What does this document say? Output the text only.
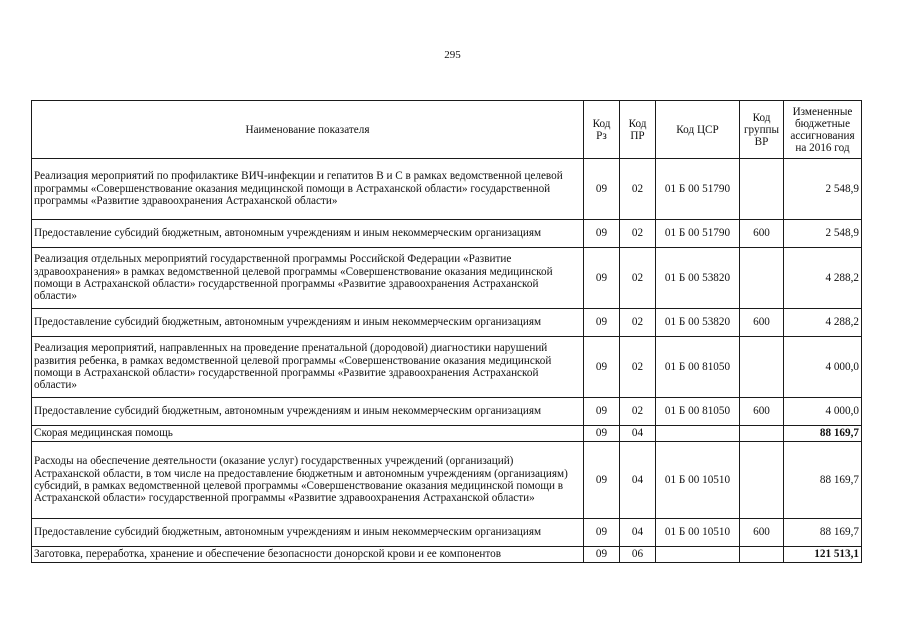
295
Наименование показателя	Код Рз	Код ПР	Код ЦСР	Код группы ВР	Измененные бюджетные ассигнования на 2016 год
Реализация мероприятий по профилактике ВИЧ-инфекции и гепатитов В и С в рамках ведомственной целевой программы «Совершенствование оказания медицинской помощи в Астраханской области» государственной программы «Развитие здравоохранения Астраханской области»	09	02	01 Б 00 51790		2 548,9
Предоставление субсидий бюджетным, автономным учреждениям и иным некоммерческим организациям	09	02	01 Б 00 51790	600	2 548,9
Реализация отдельных мероприятий государственной программы Российской Федерации «Развитие здравоохранения» в рамках ведомственной целевой программы «Совершенствование оказания медицинской помощи в Астраханской области» государственной программы «Развитие здравоохранения Астраханской области»	09	02	01 Б 00 53820		4 288,2
Предоставление субсидий бюджетным, автономным учреждениям и иным некоммерческим организациям	09	02	01 Б 00 53820	600	4 288,2
Реализация мероприятий, направленных на проведение пренатальной (дородовой) диагностики нарушений развития ребенка, в рамках ведомственной целевой программы «Совершенствование оказания медицинской помощи в Астраханской области» государственной программы «Развитие здравоохранения Астраханской области»	09	02	01 Б 00 81050		4 000,0
Предоставление субсидий бюджетным, автономным учреждениям и иным некоммерческим организациям	09	02	01 Б 00 81050	600	4 000,0
Скорая медицинская помощь	09	04			88 169,7
Расходы на обеспечение деятельности (оказание услуг) государственных учреждений (организаций) Астраханской области, в том числе на предоставление бюджетным и автономным учреждениям (организациям) субсидий, в рамках ведомственной целевой программы «Совершенствование оказания медицинской помощи в Астраханской области» государственной программы «Развитие здравоохранения Астраханской области»	09	04	01 Б 00 10510		88 169,7
Предоставление субсидий бюджетным, автономным учреждениям и иным некоммерческим организациям	09	04	01 Б 00 10510	600	88 169,7
Заготовка, переработка, хранение и обеспечение безопасности донорской крови и ее компонентов	09	06			121 513,1
